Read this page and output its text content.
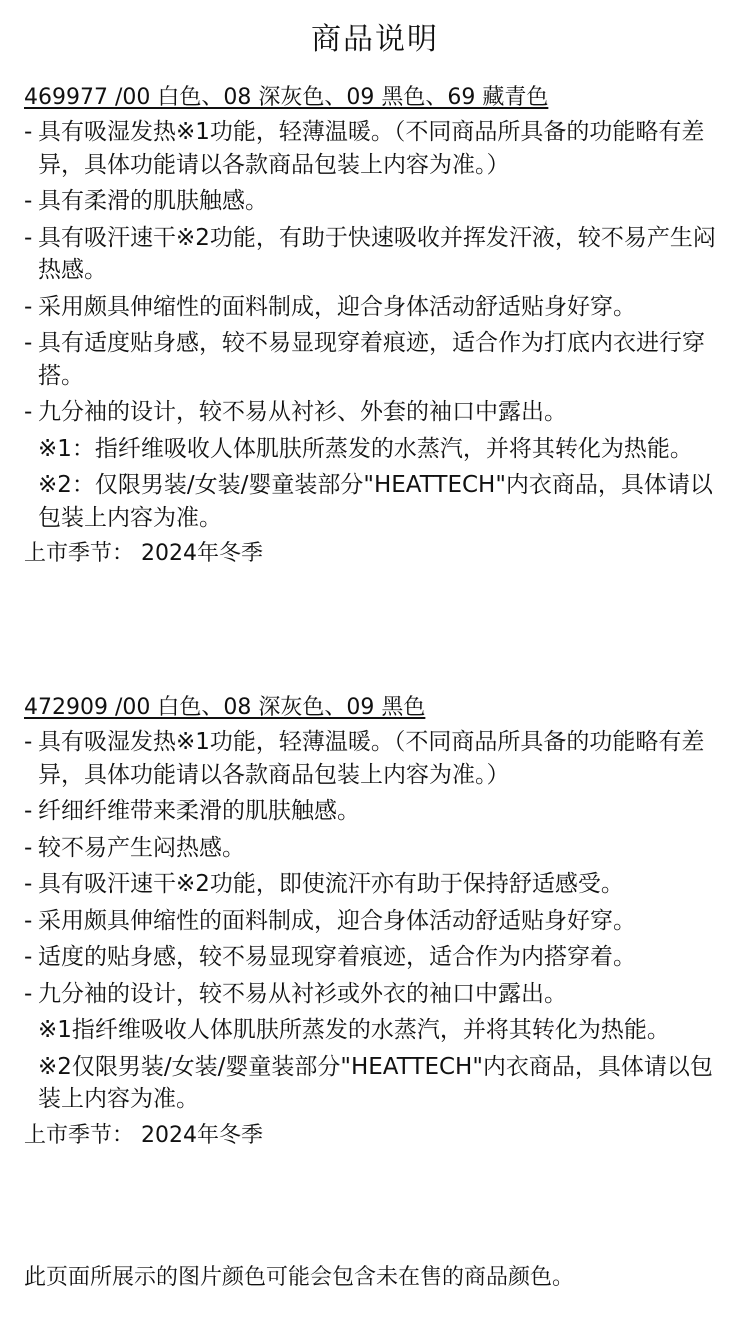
商品说明
469977 /00 白色、08 深灰色、09 黑色、69 藏青色
- 具有吸湿发热※1功能，轻薄温暖。（不同商品所具备的功能略有差异，具体功能请以各款商品包装上内容为准。）
- 具有柔滑的肌肤触感。
- 具有吸汗速干※2功能，有助于快速吸收并挥发汗液，较不易产生闷热感。
- 采用颇具伸缩性的面料制成，迎合身体活动舒适贴身好穿。
- 具有适度贴身感，较不易显现穿着痕迹，适合作为打底内衣进行穿搭。
- 九分袖的设计，较不易从衬衫、外套的袖口中露出。
※1：指纤维吸收人体肌肤所蒸发的水蒸汽，并将其转化为热能。
※2：仅限男装/女装/婴童装部分"HEATTECH"内衣商品，具体请以包装上内容为准。
上市季节： 2024年冬季
472909 /00 白色、08 深灰色、09 黑色
- 具有吸湿发热※1功能，轻薄温暖。（不同商品所具备的功能略有差异，具体功能请以各款商品包装上内容为准。）
- 纤细纤维带来柔滑的肌肤触感。
- 较不易产生闷热感。
- 具有吸汗速干※2功能，即使流汗亦有助于保持舒适感受。
- 采用颇具伸缩性的面料制成，迎合身体活动舒适贴身好穿。
- 适度的贴身感，较不易显现穿着痕迹，适合作为内搭穿着。
- 九分袖的设计，较不易从衬衫或外衣的袖口中露出。
※1指纤维吸收人体肌肤所蒸发的水蒸汽，并将其转化为热能。
※2仅限男装/女装/婴童装部分"HEATTECH"内衣商品，具体请以包装上内容为准。
上市季节： 2024年冬季
此页面所展示的图片颜色可能会包含未在售的商品颜色。
